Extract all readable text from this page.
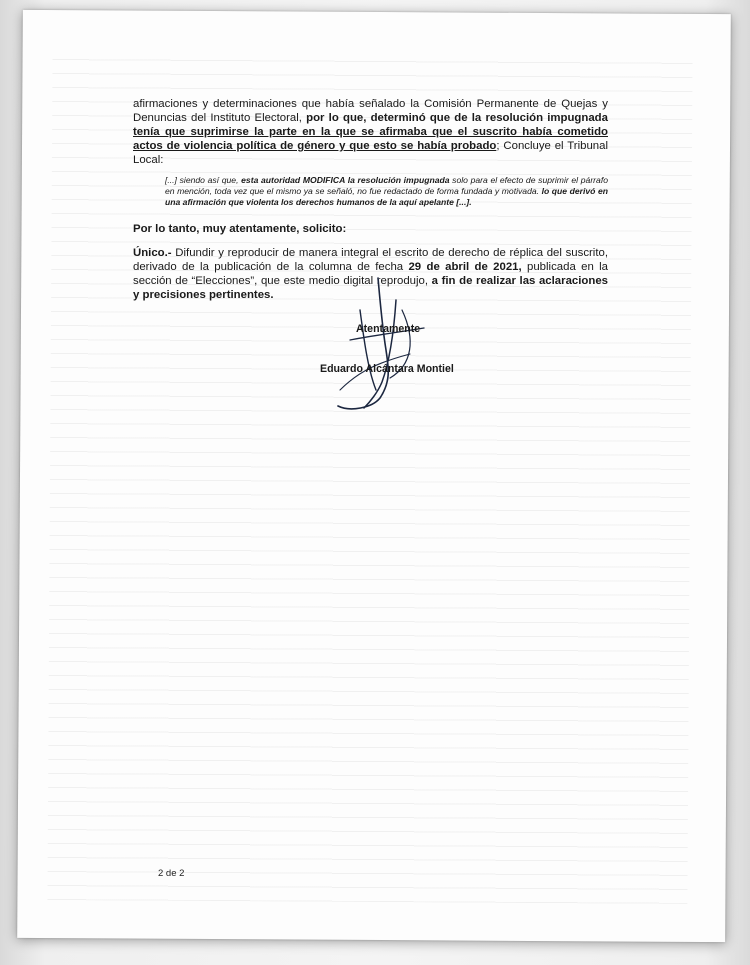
afirmaciones y determinaciones que había señalado la Comisión Permanente de Quejas y Denuncias del Instituto Electoral, por lo que, determinó que de la resolución impugnada tenía que suprimirse la parte en la que se afirmaba que el suscrito había cometido actos de violencia política de género y que esto se había probado; Concluye el Tribunal Local:

[...] siendo así que, esta autoridad MODIFICA la resolución impugnada solo para el efecto de suprimir el párrafo en mención, toda vez que el mismo ya se señaló, no fue redactado de forma fundada y motivada. lo que derivó en una afirmación que violenta los derechos humanos de la aquí apelante [...].

Por lo tanto, muy atentamente, solicito:

Único.- Difundir y reproducir de manera integral el escrito de derecho de réplica del suscrito, derivado de la publicación de la columna de fecha 29 de abril de 2021, publicada en la sección de “Elecciones”, que este medio digital reprodujo, a fin de realizar las aclaraciones y precisiones pertinentes.

Atentamente
Eduardo Alcántara Montiel
2 de 2
